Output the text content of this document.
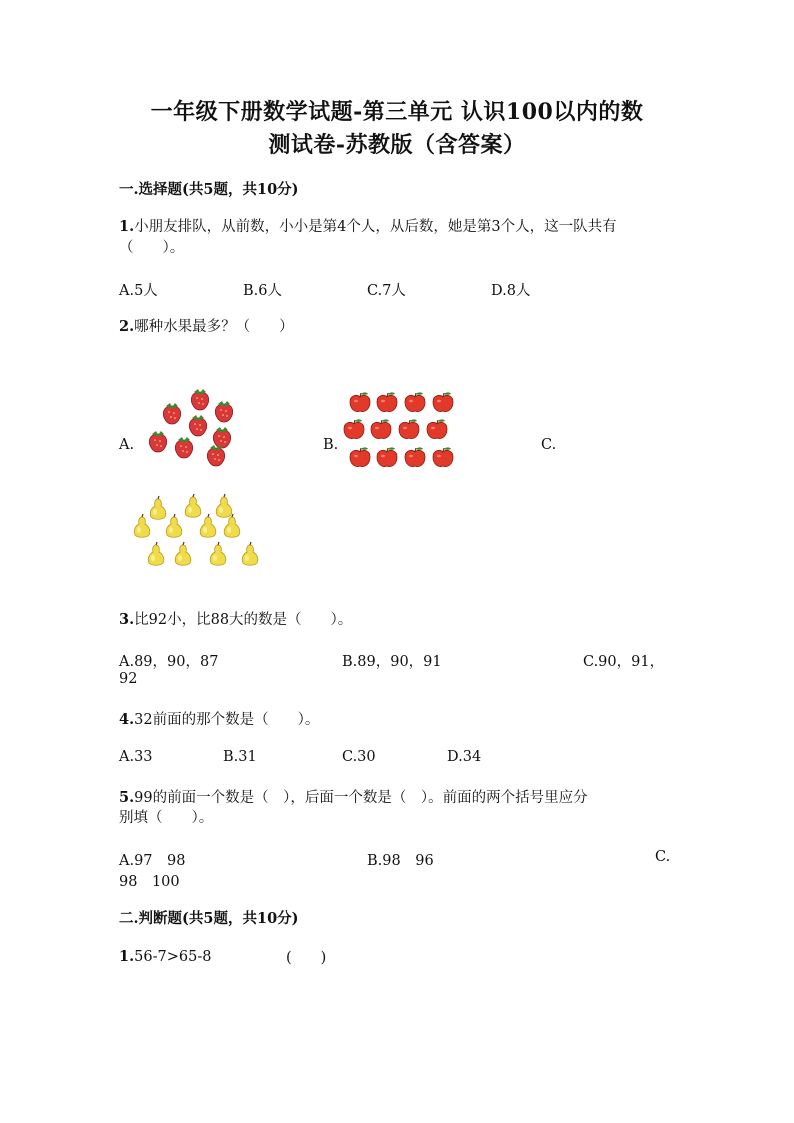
一年级下册数学试题-第三单元 认识100以内的数
测试卷-苏教版（含答案）
一.选择题(共5题，共10分)
1.小朋友排队，从前数，小小是第4个人，从后数，她是第3个人，这一队共有（　　）。
A.5人	B.6人	C.7人	D.8人
2.哪种水果最多？（　　）
A.	B.	C.
3.比92小，比88大的数是（　　）。
A.89，90，87	B.89，90，91	C.90，91，
92
4.32前面的那个数是（　　）。
A.33	B.31	C.30	D.34
5.99的前面一个数是（　），后面一个数是（　）。前面的两个括号里应分
别填（　　）。
A.97　98	B.98　96	C.
98　100
二.判断题(共5题，共10分)
1.56-7>65-8	(　　)
